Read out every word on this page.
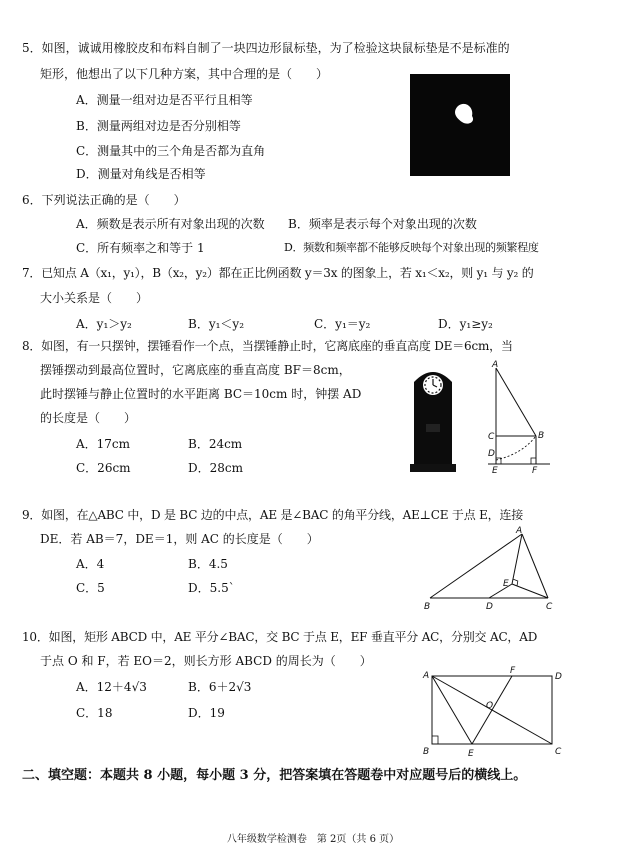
5．如图，诚诚用橡胶皮和布料自制了一块四边形鼠标垫，为了检验这块鼠标垫是不是标准的
矩形，他想出了以下几种方案，其中合理的是（　　）
A．测量一组对边是否平行且相等
B．测量两组对边是否分别相等
C．测量其中的三个角是否都为直角
D．测量对角线是否相等
6．下列说法正确的是（　　）
A．频数是表示所有对象出现的次数 B．频率是表示每个对象出现的次数
C．所有频率之和等于 1	D．频数和频率都不能够反映每个对象出现的频繁程度
7．已知点 A（x₁，y₁），B（x₂，y₂）都在正比例函数 y＝3x 的图象上，若 x₁＜x₂，则 y₁ 与 y₂ 的
大小关系是（　　）
A．y₁＞y₂	B．y₁＜y₂	C．y₁＝y₂	D．y₁≥y₂
8．如图，有一只摆钟，摆锤看作一个点，当摆锤静止时，它离底座的垂直高度 DE＝6cm，当
摆锤摆动到最高位置时，它离底座的垂直高度 BF＝8cm，
此时摆锤与静止位置时的水平距离 BC＝10cm 时，钟摆 AD
的长度是（　　）
A．17cm	B．24cm
C．26cm	D．28cm
A
B
C
D
E	F
9．如图，在△ABC 中，D 是 BC 边的中点，AE 是∠BAC 的角平分线，AE⊥CE 于点 E，连接
DE．若 AB＝7，DE＝1，则 AC 的长度是（　　）
A．4	B．4.5
C．5	D．5.5`
A
B	C
D
E
10．如图，矩形 ABCD 中，AE 平分∠BAC，交 BC 于点 E，EF 垂直平分 AC，分别交 AC，AD
于点 O 和 F，若 EO＝2，则长方形 ABCD 的周长为（　　）
A．12＋4√3	B．6＋2√3
C．18	D．19
A
B	C
D
E
F
O
二、填空题：本题共 8 小题，每小题 3 分，把答案填在答题卷中对应题号后的横线上。
八年级数学检测卷　第 2页（共 6 页）
